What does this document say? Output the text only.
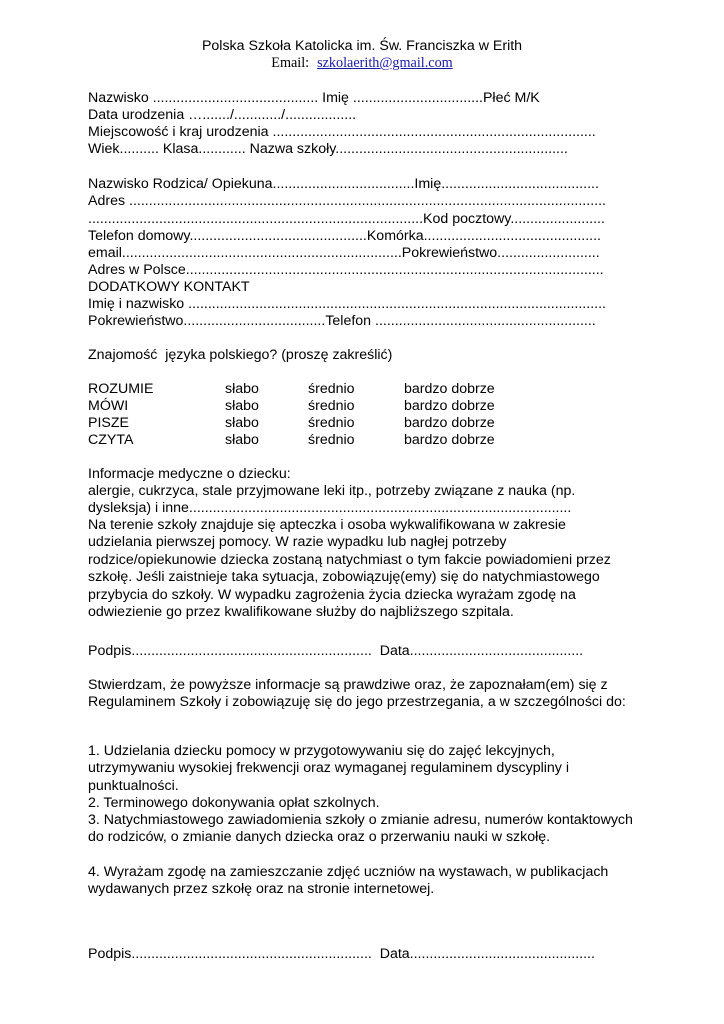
Polska Szkoła Katolicka im. Św. Franciszka w Erith
Email: szkolaerith@gmail.com
Nazwisko .......................................... Imię .................................Płeć M/K
Data urodzenia …......./............/..................
Miejscowość i kraj urodzenia ..................................................................................
Wiek.......... Klasa............ Nazwa szkoły...........................................................
Nazwisko Rodzica/ Opiekuna....................................Imię........................................
Adres .........................................................................................................................
.....................................................................................Kod pocztowy........................
Telefon domowy.............................................Komórka.............................................
email.......................................................................Pokrewieństwo..........................
Adres w Polsce..........................................................................................................
DODATKOWY KONTAKT
Imię i nazwisko ..........................................................................................................
Pokrewieństwo....................................Telefon ........................................................
Znajomość  języka polskiego? (proszę zakreślić)
ROZUMIE	słabo	średnio	bardzo dobrze
MÓWI	słabo	średnio	bardzo dobrze
PISZE	słabo	średnio	bardzo dobrze
CZYTA	słabo	średnio	bardzo dobrze
Informacje medyczne o dziecku:
alergie, cukrzyca, stale przyjmowane leki itp., potrzeby związane z nauka (np.
dysleksja) i inne.................................................................................................
Na terenie szkoły znajduje się apteczka i osoba wykwalifikowana w zakresie udzielania pierwszej pomocy. W razie wypadku lub nagłej potrzeby rodzice/opiekunowie dziecka zostaną natychmiast o tym fakcie powiadomieni przez szkołę. Jeśli zaistnieje taka sytuacja, zobowiązuję(emy) się do natychmiastowego przybycia do szkoły. W wypadku zagrożenia życia dziecka wyrażam zgodę na odwiezienie go przez kwalifikowane służby do najbliższego szpitala.
Podpis.............................................................  Data............................................
Stwierdzam, że powyższe informacje są prawdziwe oraz, że zapoznałam(em) się z Regulaminem Szkoły i zobowiązuję się do jego przestrzegania, a w szczególności do:
1. Udzielania dziecku pomocy w przygotowywaniu się do zajęć lekcyjnych, utrzymywaniu wysokiej frekwencji oraz wymaganej regulaminem dyscypliny i punktualności.
2. Terminowego dokonywania opłat szkolnych.
3. Natychmiastowego zawiadomienia szkoły o zmianie adresu, numerów kontaktowych do rodziców, o zmianie danych dziecka oraz o przerwaniu nauki w szkołę.
4. Wyrażam zgodę na zamieszczanie zdjęć uczniów na wystawach, w publikacjach wydawanych przez szkołę oraz na stronie internetowej.
Podpis.............................................................  Data...............................................
